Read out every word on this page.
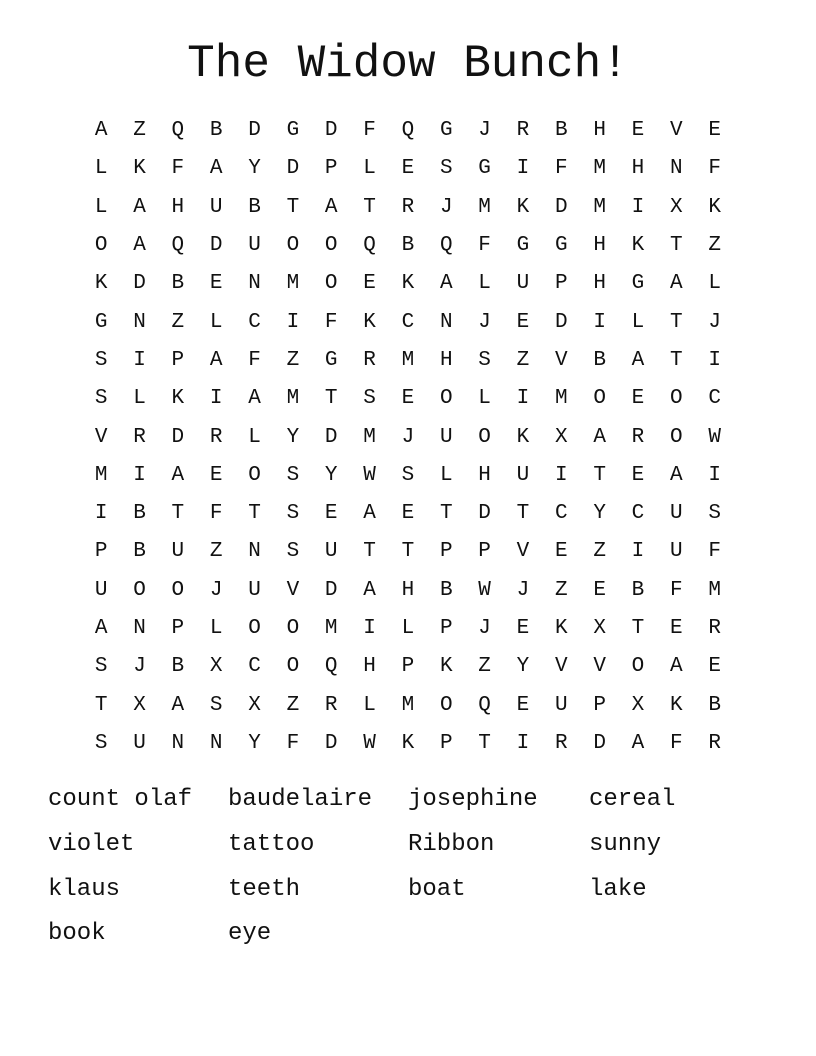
The Widow Bunch!
A	Z	Q	B	D	G	D	F	Q	G	J	R	B	H	E	V	E
L	K	F	A	Y	D	P	L	E	S	G	I	F	M	H	N	F
L	A	H	U	B	T	A	T	R	J	M	K	D	M	I	X	K
O	A	Q	D	U	O	O	Q	B	Q	F	G	G	H	K	T	Z
K	D	B	E	N	M	O	E	K	A	L	U	P	H	G	A	L
G	N	Z	L	C	I	F	K	C	N	J	E	D	I	L	T	J
S	I	P	A	F	Z	G	R	M	H	S	Z	V	B	A	T	I
S	L	K	I	A	M	T	S	E	O	L	I	M	O	E	O	C
V	R	D	R	L	Y	D	M	J	U	O	K	X	A	R	O	W
M	I	A	E	O	S	Y	W	S	L	H	U	I	T	E	A	I
I	B	T	F	T	S	E	A	E	T	D	T	C	Y	C	U	S
P	B	U	Z	N	S	U	T	T	P	P	V	E	Z	I	U	F
U	O	O	J	U	V	D	A	H	B	W	J	Z	E	B	F	M
A	N	P	L	O	O	M	I	L	P	J	E	K	X	T	E	R
S	J	B	X	C	O	Q	H	P	K	Z	Y	V	V	O	A	E
T	X	A	S	X	Z	R	L	M	O	Q	E	U	P	X	K	B
S	U	N	N	Y	F	D	W	K	P	T	I	R	D	A	F	R
count olaf	baudelaire	josephine	cereal
violet	tattoo	Ribbon	sunny
klaus	teeth	boat	lake
book	eye
